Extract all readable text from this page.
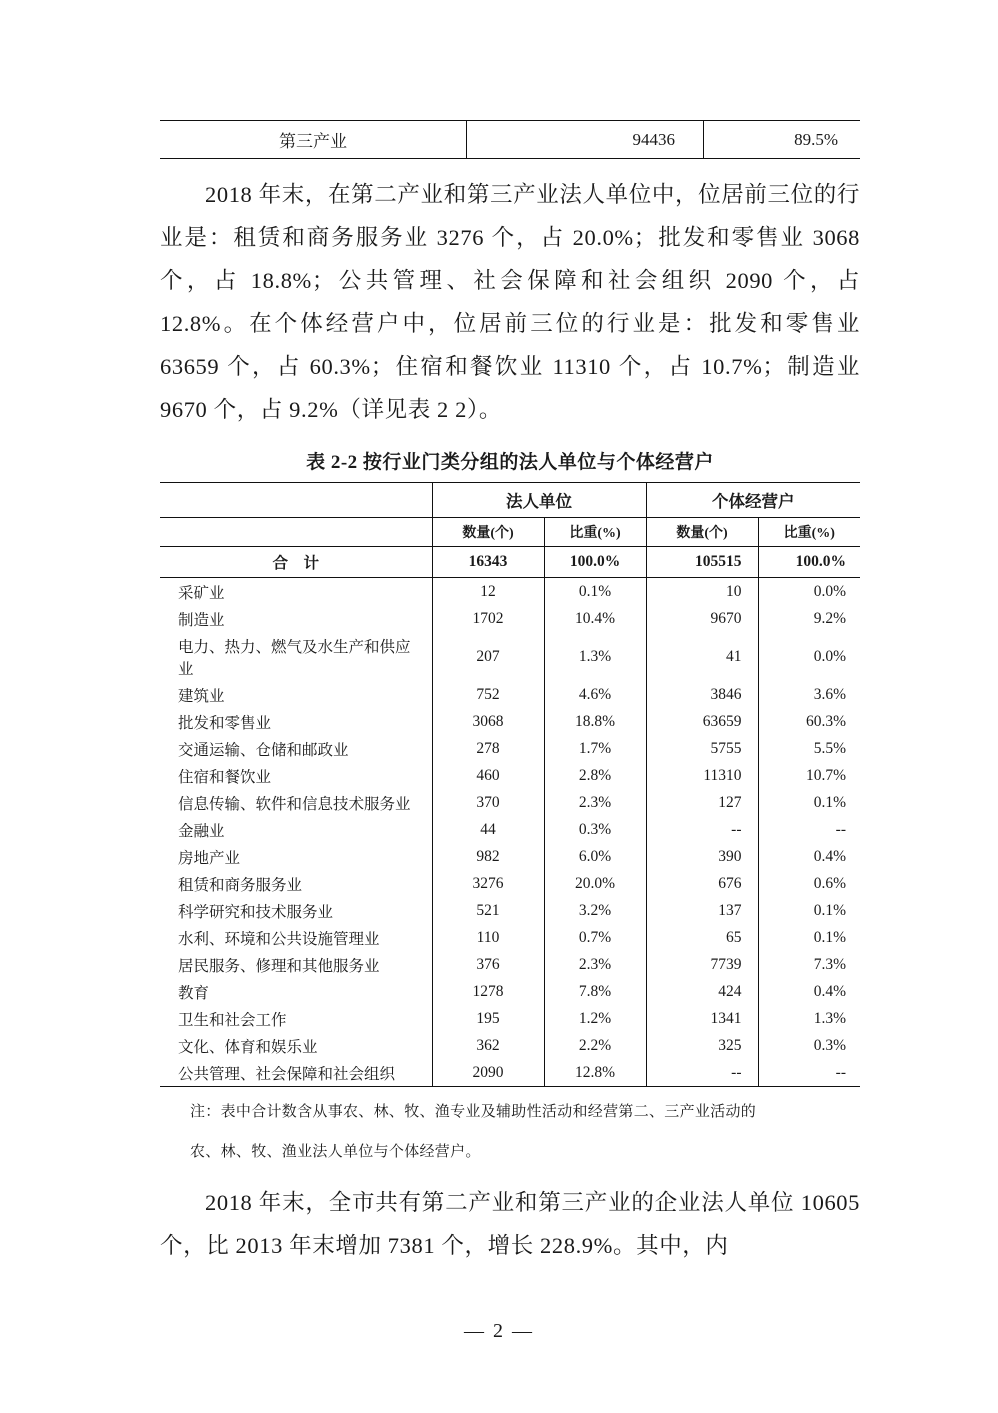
第三产业	94436	89.5%

2018 年末，在第二产业和第三产业法人单位中，位居前三位的行业是：租赁和商务服务业 3276 个，占 20.0%；批发和零售业 3068 个，占 18.8%；公共管理、社会保障和社会组织 2090 个，占 12.8%。在个体经营户中，位居前三位的行业是：批发和零售业 63659 个，占 60.3%；住宿和餐饮业 11310 个，占 10.7%；制造业 9670 个，占 9.2%（详见表 2 2）。

表 2-2 按行业门类分组的法人单位与个体经营户
	法人单位		个体经营户	
	数量(个)	比重(%)	数量(个)	比重(%)
合　计	16343	100.0%	105515	100.0%
采矿业	12	0.1%	10	0.0%
制造业	1702	10.4%	9670	9.2%
电力、热力、燃气及水生产和供应业	207	1.3%	41	0.0%
建筑业	752	4.6%	3846	3.6%
批发和零售业	3068	18.8%	63659	60.3%
交通运输、仓储和邮政业	278	1.7%	5755	5.5%
住宿和餐饮业	460	2.8%	11310	10.7%
信息传输、软件和信息技术服务业	370	2.3%	127	0.1%
金融业	44	0.3%	--	--
房地产业	982	6.0%	390	0.4%
租赁和商务服务业	3276	20.0%	676	0.6%
科学研究和技术服务业	521	3.2%	137	0.1%
水利、环境和公共设施管理业	110	0.7%	65	0.1%
居民服务、修理和其他服务业	376	2.3%	7739	7.3%
教育	1278	7.8%	424	0.4%
卫生和社会工作	195	1.2%	1341	1.3%
文化、体育和娱乐业	362	2.2%	325	0.3%
公共管理、社会保障和社会组织	2090	12.8%	--	--
注：表中合计数含从事农、林、牧、渔专业及辅助性活动和经营第二、三产业活动的
农、林、牧、渔业法人单位与个体经营户。

2018 年末，全市共有第二产业和第三产业的企业法人单位 10605 个，比 2013 年末增加 7381 个，增长 228.9%。其中，内

— 2 —
